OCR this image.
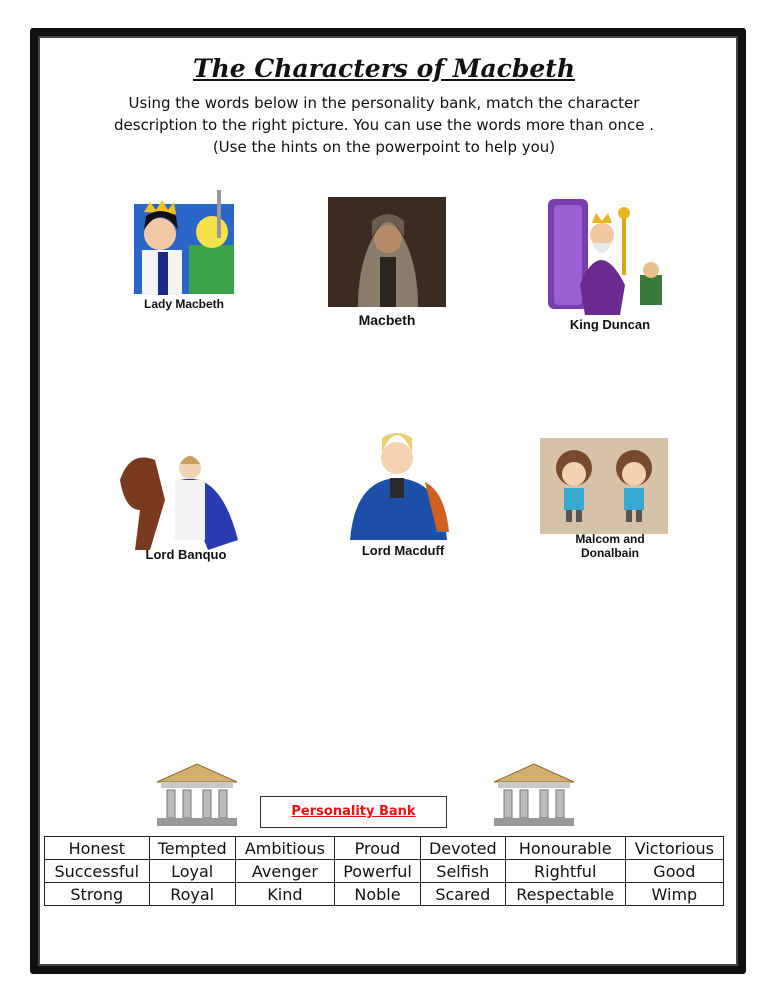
The Characters of Macbeth
Using the words below in the personality bank, match the character description to the right picture. You can use the words more than once . (Use the hints on the powerpoint to help you)
Lady Macbeth
Macbeth	King Duncan
Lord Banquo	Lord Macduff
Malcom and
Donalbain
Personality Bank
Honest	Tempted	Ambitious	Proud	Devoted	Honourable	Victorious
Successful	Loyal	Avenger	Powerful	Selfish	Rightful	Good
Strong	Royal	Kind	Noble	Scared	Respectable	Wimp
